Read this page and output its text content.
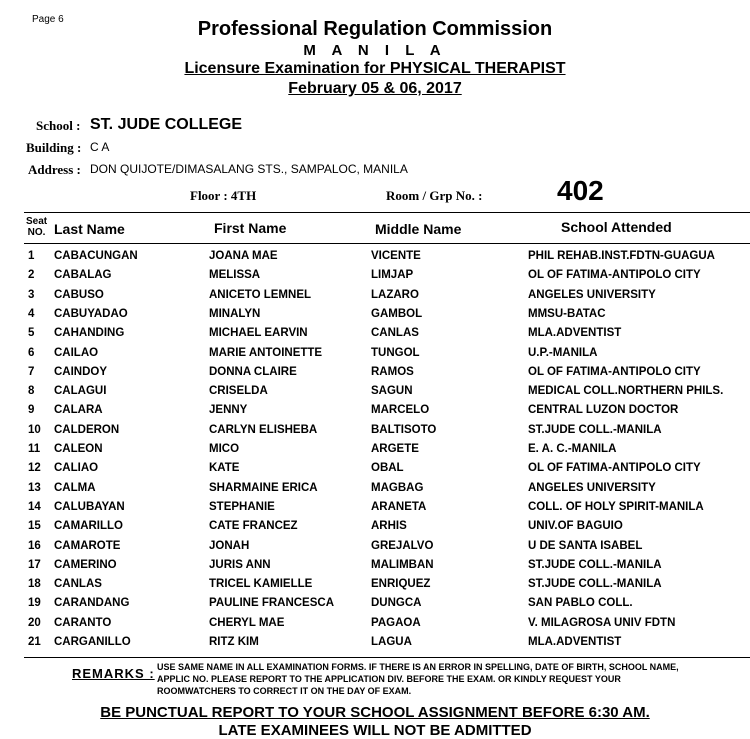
Page 6	Professional Regulation Commission
M A N I L A
Licensure Examination for PHYSICAL THERAPIST
February 05 & 06, 2017
School : ST. JUDE COLLEGE
Building : C A
Address : DON QUIJOTE/DIMASALANG STS., SAMPALOC, MANILA
Floor : 4TH	Room / Grp No. :	402
Seat
NO. Last Name	First Name	Middle Name	School Attended
1 CABACUNGAN	JOANA MAE	VICENTE	PHIL REHAB.INST.FDTN-GUAGUA
2 CABALAG	MELISSA	LIMJAP	OL OF FATIMA-ANTIPOLO CITY
3 CABUSO	ANICETO LEMNEL	LAZARO	ANGELES UNIVERSITY
4 CABUYADAO	MINALYN	GAMBOL	MMSU-BATAC
5 CAHANDING	MICHAEL EARVIN	CANLAS	MLA.ADVENTIST
6 CAILAO	MARIE ANTOINETTE	TUNGOL	U.P.-MANILA
7 CAINDOY	DONNA CLAIRE	RAMOS	OL OF FATIMA-ANTIPOLO CITY
8 CALAGUI	CRISELDA	SAGUN	MEDICAL COLL.NORTHERN PHILS.
9 CALARA	JENNY	MARCELO	CENTRAL LUZON DOCTOR
10 CALDERON	CARLYN ELISHEBA	BALTISOTO	ST.JUDE COLL.-MANILA
11 CALEON	MICO	ARGETE	E. A. C.-MANILA
12 CALIAO	KATE	OBAL	OL OF FATIMA-ANTIPOLO CITY
13 CALMA	SHARMAINE ERICA	MAGBAG	ANGELES UNIVERSITY
14 CALUBAYAN	STEPHANIE	ARANETA	COLL. OF HOLY SPIRIT-MANILA
15 CAMARILLO	CATE FRANCEZ	ARHIS	UNIV.OF BAGUIO
16 CAMAROTE	JONAH	GREJALVO	U DE SANTA ISABEL
17 CAMERINO	JURIS ANN	MALIMBAN	ST.JUDE COLL.-MANILA
18 CANLAS	TRICEL KAMIELLE	ENRIQUEZ	ST.JUDE COLL.-MANILA
19 CARANDANG	PAULINE FRANCESCA	DUNGCA	SAN PABLO COLL.
20 CARANTO	CHERYL MAE	PAGAOA	V. MILAGROSA UNIV FDTN
21 CARGANILLO	RITZ KIM	LAGUA	MLA.ADVENTIST
REMARKS : USE SAME NAME IN ALL EXAMINATION FORMS. IF THERE IS AN ERROR IN SPELLING, DATE OF BIRTH, SCHOOL NAME, APPLIC NO. PLEASE REPORT TO THE APPLICATION DIV. BEFORE THE EXAM. OR KINDLY REQUEST YOUR ROOMWATCHERS TO CORRECT IT ON THE DAY OF EXAM.
BE PUNCTUAL REPORT TO YOUR SCHOOL ASSIGNMENT BEFORE 6:30 AM.
LATE EXAMINEES WILL NOT BE ADMITTED
